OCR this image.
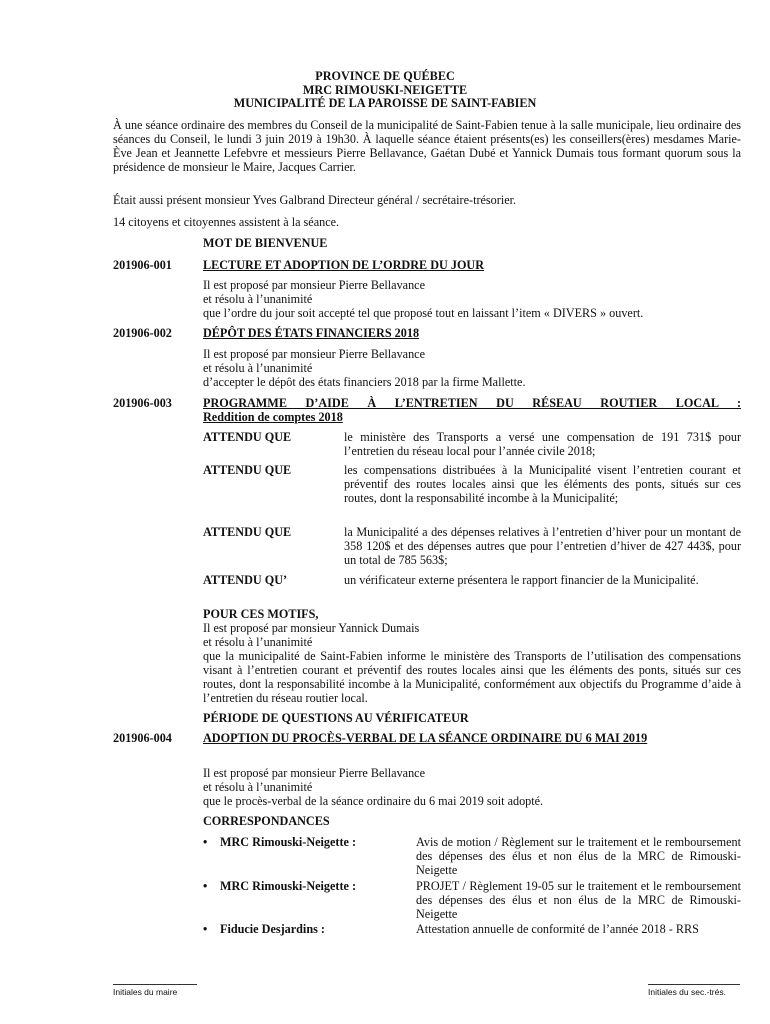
PROVINCE DE QUÉBEC
MRC RIMOUSKI-NEIGETTE
MUNICIPALITÉ DE LA PAROISSE DE SAINT-FABIEN
À une séance ordinaire des membres du Conseil de la municipalité de Saint-Fabien tenue à la salle municipale, lieu ordinaire des séances du Conseil, le lundi 3 juin 2019 à 19h30. À laquelle séance étaient présents(es) les conseillers(ères) mesdames Marie-Ève Jean et Jeannette Lefebvre et messieurs Pierre Bellavance, Gaétan Dubé et Yannick Dumais tous formant quorum sous la présidence de monsieur le Maire, Jacques Carrier.
Était aussi présent monsieur Yves Galbrand Directeur général / secrétaire-trésorier.
14 citoyens et citoyennes assistent à la séance.
MOT DE BIENVENUE
201906-001	LECTURE ET ADOPTION DE L’ORDRE DU JOUR
Il est proposé par monsieur Pierre Bellavance
et résolu à l’unanimité
que l’ordre du jour soit accepté tel que proposé tout en laissant l’item « DIVERS » ouvert.
201906-002	DÉPÔT DES ÉTATS FINANCIERS 2018
Il est proposé par monsieur Pierre Bellavance
et résolu à l’unanimité
d’accepter le dépôt des états financiers 2018 par la firme Mallette.
201906-003	PROGRAMME D’AIDE À L’ENTRETIEN DU RÉSEAU ROUTIER LOCAL :
Reddition de comptes 2018
ATTENDU QUE	le ministère des Transports a versé une compensation de 191 731$ pour l’entretien du réseau local pour l’année civile 2018;
ATTENDU QUE	les compensations distribuées à la Municipalité visent l’entretien courant et préventif des routes locales ainsi que les éléments des ponts, situés sur ces routes, dont la responsabilité incombe à la Municipalité;
ATTENDU QUE	la Municipalité a des dépenses relatives à l’entretien d’hiver pour un montant de 358 120$ et des dépenses autres que pour l’entretien d’hiver de 427 443$, pour un total de 785 563$;
ATTENDU QU’	un vérificateur externe présentera le rapport financier de la Municipalité.
POUR CES MOTIFS,
Il est proposé par monsieur Yannick Dumais
et résolu à l’unanimité
que la municipalité de Saint-Fabien informe le ministère des Transports de l’utilisation des compensations visant à l’entretien courant et préventif des routes locales ainsi que les éléments des ponts, situés sur ces routes, dont la responsabilité incombe à la Municipalité, conformément aux objectifs du Programme d’aide à l’entretien du réseau routier local.
PÉRIODE DE QUESTIONS AU VÉRIFICATEUR
201906-004	ADOPTION DU PROCÈS-VERBAL DE LA SÉANCE ORDINAIRE DU 6 MAI 2019
Il est proposé par monsieur Pierre Bellavance
et résolu à l’unanimité
que le procès-verbal de la séance ordinaire du 6 mai 2019 soit adopté.
CORRESPONDANCES
• MRC Rimouski-Neigette :	Avis de motion / Règlement sur le traitement et le remboursement des dépenses des élus et non élus de la MRC de Rimouski-Neigette
• MRC Rimouski-Neigette :	PROJET / Règlement 19-05 sur le traitement et le remboursement des dépenses des élus et non élus de la MRC de Rimouski-Neigette
• Fiducie Desjardins :	Attestation annuelle de conformité de l’année 2018 - RRS
Initiales du maire	Initiales du sec.-trés.
